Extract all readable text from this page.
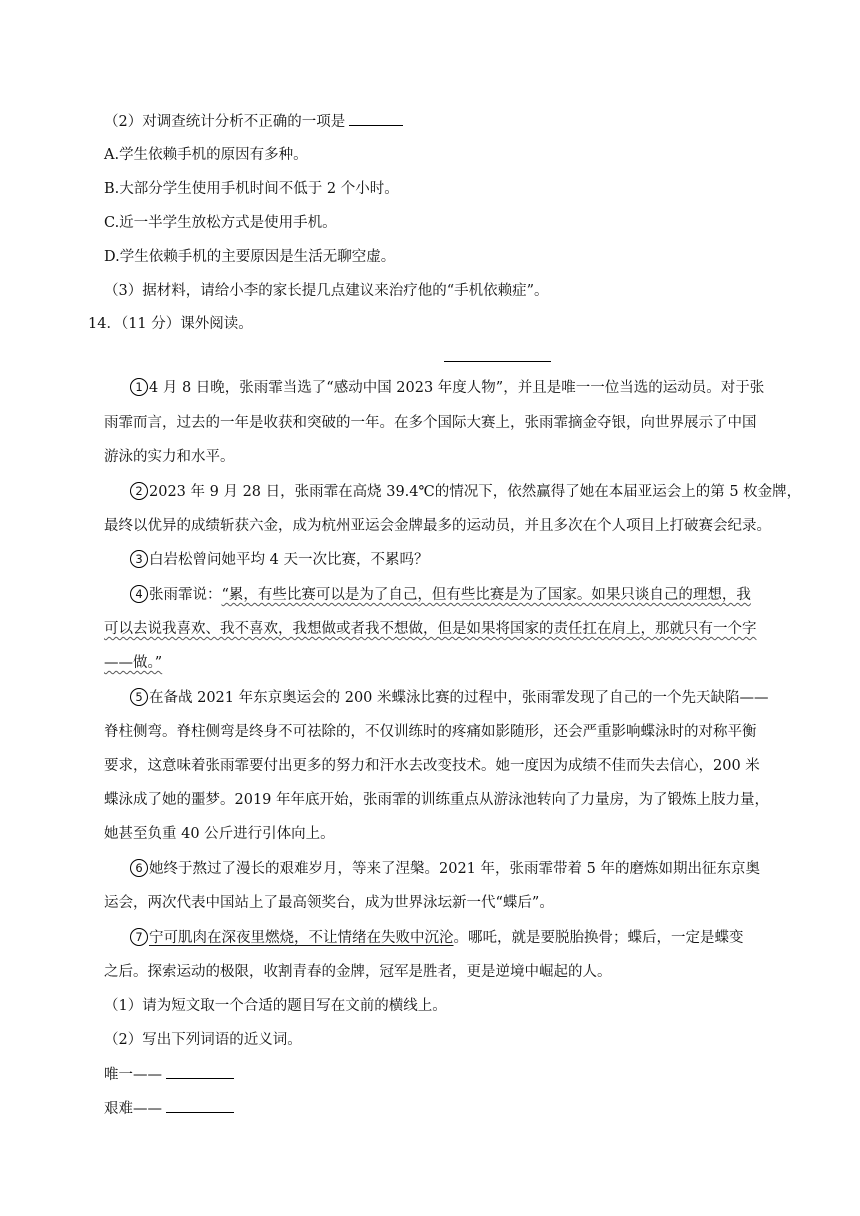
（2）对调查统计分析不正确的一项是
A.学生依赖手机的原因有多种。
B.大部分学生使用手机时间不低于 2 个小时。
C.近一半学生放松方式是使用手机。
D.学生依赖手机的主要原因是生活无聊空虚。
（3）据材料，请给小李的家长提几点建议来治疗他的“手机依赖症”。
14．（11 分）课外阅读。
1 4 月 8 日晚，张雨霏当选了“感动中国 2023 年度人物”，并且是唯一一位当选的运动员。对于张
雨霏而言，过去的一年是收获和突破的一年。在多个国际大赛上，张雨霏摘金夺银，向世界展示了中国
游泳的实力和水平。
2 2023 年 9 月 28 日，张雨霏在高烧 39.4℃的情况下，依然赢得了她在本届亚运会上的第 5 枚金牌，
最终以优异的成绩斩获六金，成为杭州亚运会金牌最多的运动员，并且多次在个人项目上打破赛会纪录。
3 白岩松曾问她平均 4 天一次比赛，不累吗？
4 张雨霏说：“累，有些比赛可以是为了自己，但有些比赛是为了国家。如果只谈自己的理想，我
可以去说我喜欢、我不喜欢，我想做或者我不想做，但是如果将国家的责任扛在肩上，那就只有一个字
——做。”
5 在备战 2021 年东京奥运会的 200 米蝶泳比赛的过程中，张雨霏发现了自己的一个先天缺陷——
脊柱侧弯。脊柱侧弯是终身不可祛除的，不仅训练时的疼痛如影随形，还会严重影响蝶泳时的对称平衡
要求，这意味着张雨霏要付出更多的努力和汗水去改变技术。她一度因为成绩不佳而失去信心，200 米
蝶泳成了她的噩梦。2019 年年底开始，张雨霏的训练重点从游泳池转向了力量房，为了锻炼上肢力量，
她甚至负重 40 公斤进行引体向上。
6 她终于熬过了漫长的艰难岁月，等来了涅槃。2021 年，张雨霏带着 5 年的磨炼如期出征东京奥
运会，两次代表中国站上了最高领奖台，成为世界泳坛新一代“蝶后”。
7 宁可肌肉在深夜里燃烧，不让情绪在失败中沉沦。哪吒，就是要脱胎换骨；蝶后，一定是蝶变
之后。探索运动的极限，收割青春的金牌，冠军是胜者，更是逆境中崛起的人。
（1）请为短文取一个合适的题目写在文前的横线上。
（2）写出下列词语的近义词。
唯一——
艰难——
